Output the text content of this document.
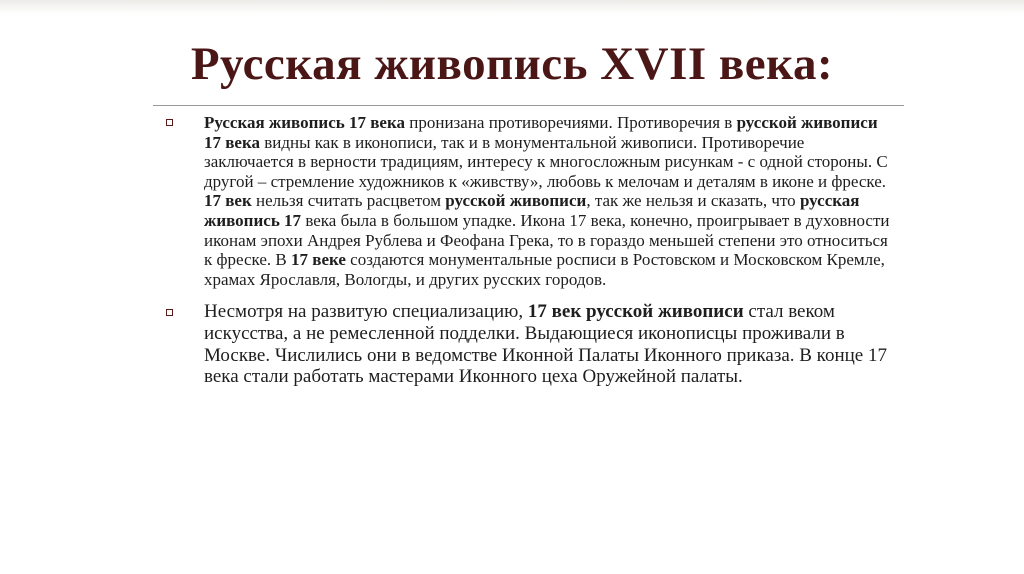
Русская живопись XVII века:
Русская живопись 17 века пронизана противоречиями. Противоречия в русской живописи 17 века видны как в иконописи, так и в монументальной живописи. Противоречие заключается в верности традициям, интересу к многосложным рисункам - с одной стороны. С другой – стремление художников к «живству», любовь к мелочам и деталям в иконе и фреске. 17 век нельзя считать расцветом русской живописи, так же нельзя и сказать, что русская живопись 17 века была в большом упадке. Икона 17 века, конечно, проигрывает в духовности иконам эпохи Андрея Рублева и Феофана Грека, то в гораздо меньшей степени это относиться к фреске. В 17 веке создаются монументальные росписи в Ростовском и Московском Кремле, храмах Ярославля, Вологды, и других русских городов.
Несмотря на развитую специализацию, 17 век русской живописи стал веком искусства, а не ремесленной подделки. Выдающиеся иконописцы проживали в Москве. Числились они в ведомстве Иконной Палаты Иконного приказа. В конце 17 века стали работать мастерами Иконного цеха Оружейной палаты.
